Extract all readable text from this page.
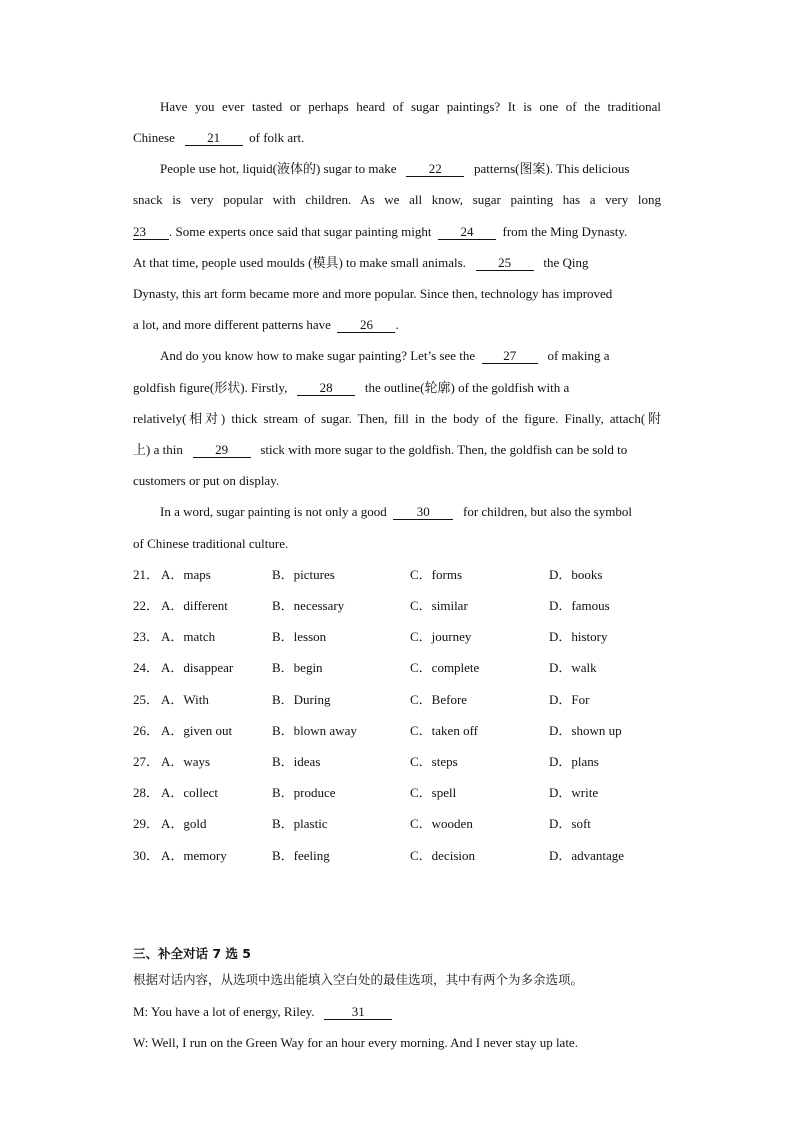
Have you ever tasted or perhaps heard of sugar paintings? It is one of the traditional
Chinese 21 of folk art.
People use hot, liquid(液体的) sugar to make 22 patterns(图案). This delicious
snack is very popular with children. As we all know, sugar painting has a very long
23 . Some experts once said that sugar painting might 24 from the Ming Dynasty.
At that time, people used moulds (模具) to make small animals. 25 the Qing
Dynasty, this art form became more and more popular. Since then, technology has improved
a lot, and more different patterns have 26 .
And do you know how to make sugar painting? Let’s see the 27 of making a
goldfish figure(形状). Firstly, 28 the outline(轮廓) of the goldfish with a
relatively(相对) thick stream of sugar. Then, fill in the body of the figure. Finally, attach(附
上) a thin 29 stick with more sugar to the goldfish. Then, the goldfish can be sold to
customers or put on display.
In a word, sugar painting is not only a good 30	for children, but also the symbol
of Chinese traditional culture.
21． A．maps	B．pictures	C．forms	D．books
22． A．different	B．necessary	C．similar	D．famous
23． A．match	B．lesson	C．journey	D．history
24． A．disappear	B．begin	C．complete	D．walk
25． A．With	B．During	C．Before	D．For
26． A．given out	B．blown away	C．taken off	D．shown up
27． A．ways	B．ideas	C．steps	D．plans
28． A．collect	B．produce	C．spell	D．write
29． A．gold	B．plastic	C．wooden	D．soft
30． A．memory	B．feeling	C．decision	D．advantage
三、补全对话 7 选 5
根据对话内容，从选项中选出能填入空白处的最佳选项，其中有两个为多余选项。
M: You have a lot of energy, Riley.	31
W: Well, I run on the Green Way for an hour every morning. And I never stay up late.
